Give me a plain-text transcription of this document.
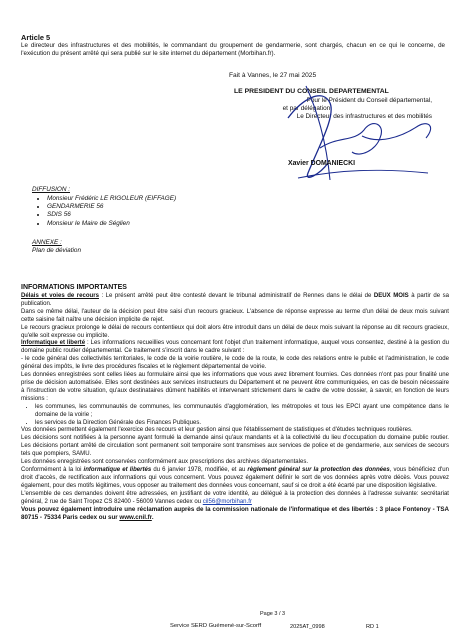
Article 5
Le directeur des infrastructures et des mobilités, le commandant du groupement de gendarmerie, sont chargés, chacun en ce qui le concerne, de l'exécution du présent arrêté qui sera publié sur le site internet du département (Morbihan.fr).
Fait à Vannes, le 27 mai 2025
LE PRESIDENT DU CONSEIL DEPARTEMENTAL
Pour le Président du Conseil départemental,
et par délégation,
Le Directeur des infrastructures et des mobilités
Xavier DOMANIECKI
DIFFUSION :
• Monsieur Frédéric LE RIGOLEUR (EIFFAGE)
• GENDARMERIE 56
• SDIS 56
• Monsieur le Maire de Séglien
ANNEXE :
Plan de déviation
INFORMATIONS IMPORTANTES

Délais et voies de recours : Le présent arrêté peut être contesté devant le tribunal administratif de Rennes dans le délai de DEUX MOIS à partir de sa publication.

Dans ce même délai, l'auteur de la décision peut être saisi d'un recours gracieux. L'absence de réponse expresse au terme d'un délai de deux mois suivant cette saisine fait naître une décision implicite de rejet.

Le recours gracieux prolonge le délai de recours contentieux qui doit alors être introduit dans un délai de deux mois suivant la réponse au dit recours gracieux, qu'elle soit expresse ou implicite.

Informatique et liberté : Les informations recueillies vous concernant font l'objet d'un traitement informatique, auquel vous consentez, destiné à la gestion du domaine public routier départemental. Ce traitement s'inscrit dans le cadre suivant :

- le code général des collectivités territoriales, le code de la voirie routière, le code de la route, le code des relations entre le public et l'administration, le code général des impôts, le livre des procédures fiscales et le règlement départemental de voirie.

Les données enregistrées sont celles liées au formulaire ainsi que les informations que vous avez librement fournies. Ces données n'ont pas pour finalité une prise de décision automatisée. Elles sont destinées aux services instructeurs du Département et ne peuvent être communiquées, en cas de besoin nécessaire à l'instruction de votre situation, qu'aux destinataires dûment habilités et intervenant strictement dans le cadre de votre dossier, à savoir, en fonction de leurs missions :

• les communes, les communautés de communes, les communautés d'agglomération, les métropoles et tous les EPCI ayant une compétence dans le domaine de la voirie ;
• les services de la Direction Générale des Finances Publiques.

Vos données permettent également l'exercice des recours et leur gestion ainsi que l'établissement de statistiques et d'études techniques routières.

Les décisions sont notifiées à la personne ayant formulé la demande ainsi qu'aux mandants et à la collectivité du lieu d'occupation du domaine public routier. Les décisions portant arrêté de circulation sont permanent soit temporaire sont transmises aux services de police et de gendarmerie, aux services de secours tels que pompiers, SAMU.

Les données enregistrées sont conservées conformément aux prescriptions des archives départementales.

Conformément à la loi informatique et libertés du 6 janvier 1978, modifiée, et au règlement général sur la protection des données, vous bénéficiez d'un droit d'accès, de rectification aux informations qui vous concernent. Vous pouvez également définir le sort de vos données après votre décès. Vous pouvez également, pour des motifs légitimes, vous opposer au traitement des données vous concernant, sauf si ce droit a été écarté par une disposition législative.

L'ensemble de ces demandes doivent être adressées, en justifiant de votre identité, au délégué à la protection des données à l'adresse suivante: secrétariat général, 2 rue de Saint Tropez CS 82400 - 56009 Vannes cedex ou cil56@morbihan.fr

Vous pouvez également introduire une réclamation auprès de la commission nationale de l'informatique et des libertés : 3 place Fontenoy - TSA 80715 - 75334 Paris cedex ou sur www.cnil.fr.

Page 3 / 3
Service SERD Guémené-sur-Scorff	2025AT_0998	RD 1
